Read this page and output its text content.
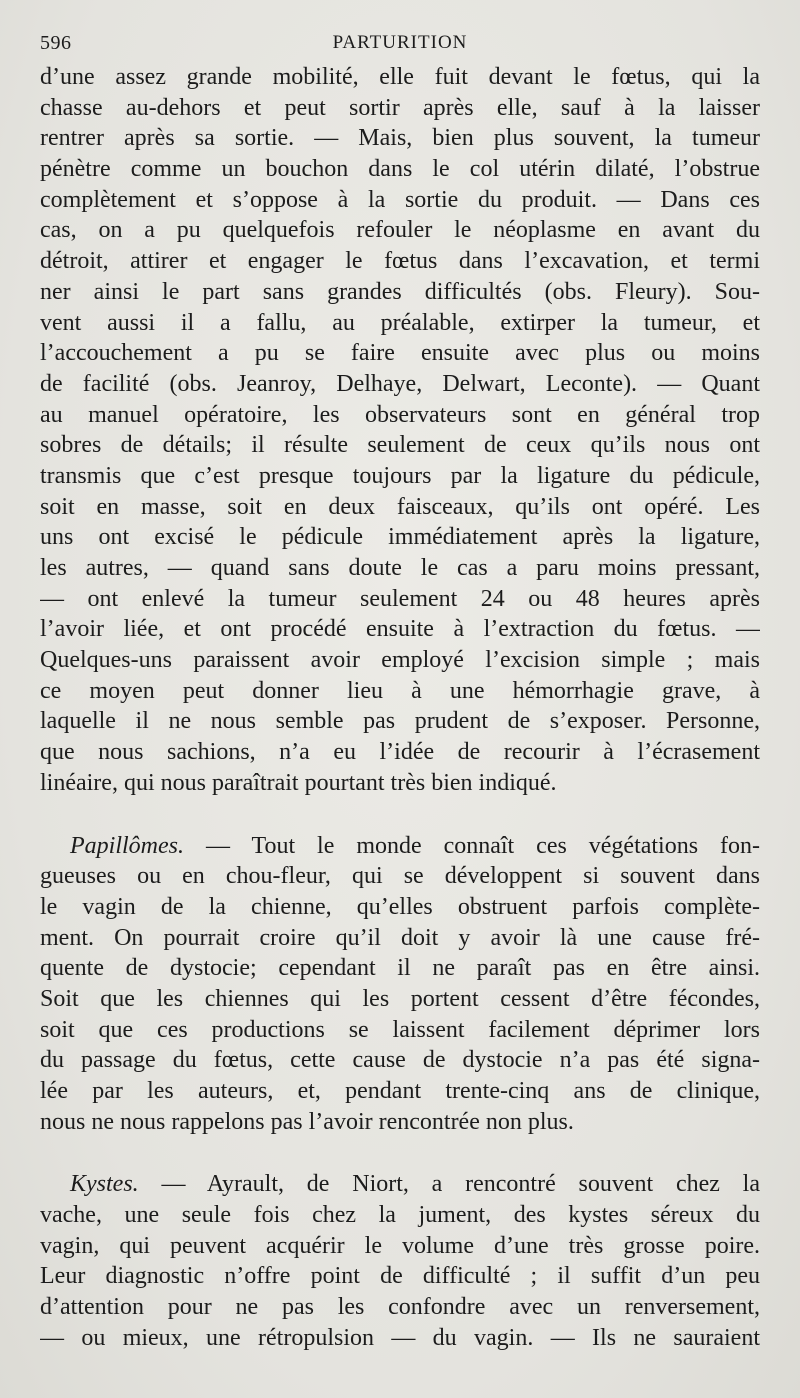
596	PARTURITION
d’une assez grande mobilité, elle fuit devant le fœtus, qui la
chasse au-dehors et peut sortir après elle, sauf à la laisser
rentrer après sa sortie. — Mais, bien plus souvent, la tumeur
pénètre comme un bouchon dans le col utérin dilaté, l’obstrue
complètement et s’oppose à la sortie du produit. — Dans ces
cas, on a pu quelquefois refouler le néoplasme en avant du
détroit, attirer et engager le fœtus dans l’excavation, et termi
ner ainsi le part sans grandes difficultés (obs. Fleury). Sou-
vent aussi il a fallu, au préalable, extirper la tumeur, et
l’accouchement a pu se faire ensuite avec plus ou moins
de facilité (obs. Jeanroy, Delhaye, Delwart, Leconte). — Quant
au manuel opératoire, les observateurs sont en général trop
sobres de détails; il résulte seulement de ceux qu’ils nous ont
transmis que c’est presque toujours par la ligature du pédicule,
soit en masse, soit en deux faisceaux, qu’ils ont opéré. Les
uns ont excisé le pédicule immédiatement après la ligature,
les autres, — quand sans doute le cas a paru moins pressant,
— ont enlevé la tumeur seulement 24 ou 48 heures après
l’avoir liée, et ont procédé ensuite à l’extraction du fœtus. —
Quelques-uns paraissent avoir employé l’excision simple ; mais
ce moyen peut donner lieu à une hémorrhagie grave, à
laquelle il ne nous semble pas prudent de s’exposer. Personne,
que nous sachions, n’a eu l’idée de recourir à l’écrasement
linéaire, qui nous paraîtrait pourtant très bien indiqué.
Papillômes. — Tout le monde connaît ces végétations fon-
gueuses ou en chou-fleur, qui se développent si souvent dans
le vagin de la chienne, qu’elles obstruent parfois complète-
ment. On pourrait croire qu’il doit y avoir là une cause fré-
quente de dystocie; cependant il ne paraît pas en être ainsi.
Soit que les chiennes qui les portent cessent d’être fécondes,
soit que ces productions se laissent facilement déprimer lors
du passage du fœtus, cette cause de dystocie n’a pas été signa-
lée par les auteurs, et, pendant trente-cinq ans de clinique,
nous ne nous rappelons pas l’avoir rencontrée non plus.
Kystes. — Ayrault, de Niort, a rencontré souvent chez la
vache, une seule fois chez la jument, des kystes séreux du
vagin, qui peuvent acquérir le volume d’une très grosse poire.
Leur diagnostic n’offre point de difficulté ; il suffit d’un peu
d’attention pour ne pas les confondre avec un renversement,
— ou mieux, une rétropulsion — du vagin. — Ils ne sauraient
